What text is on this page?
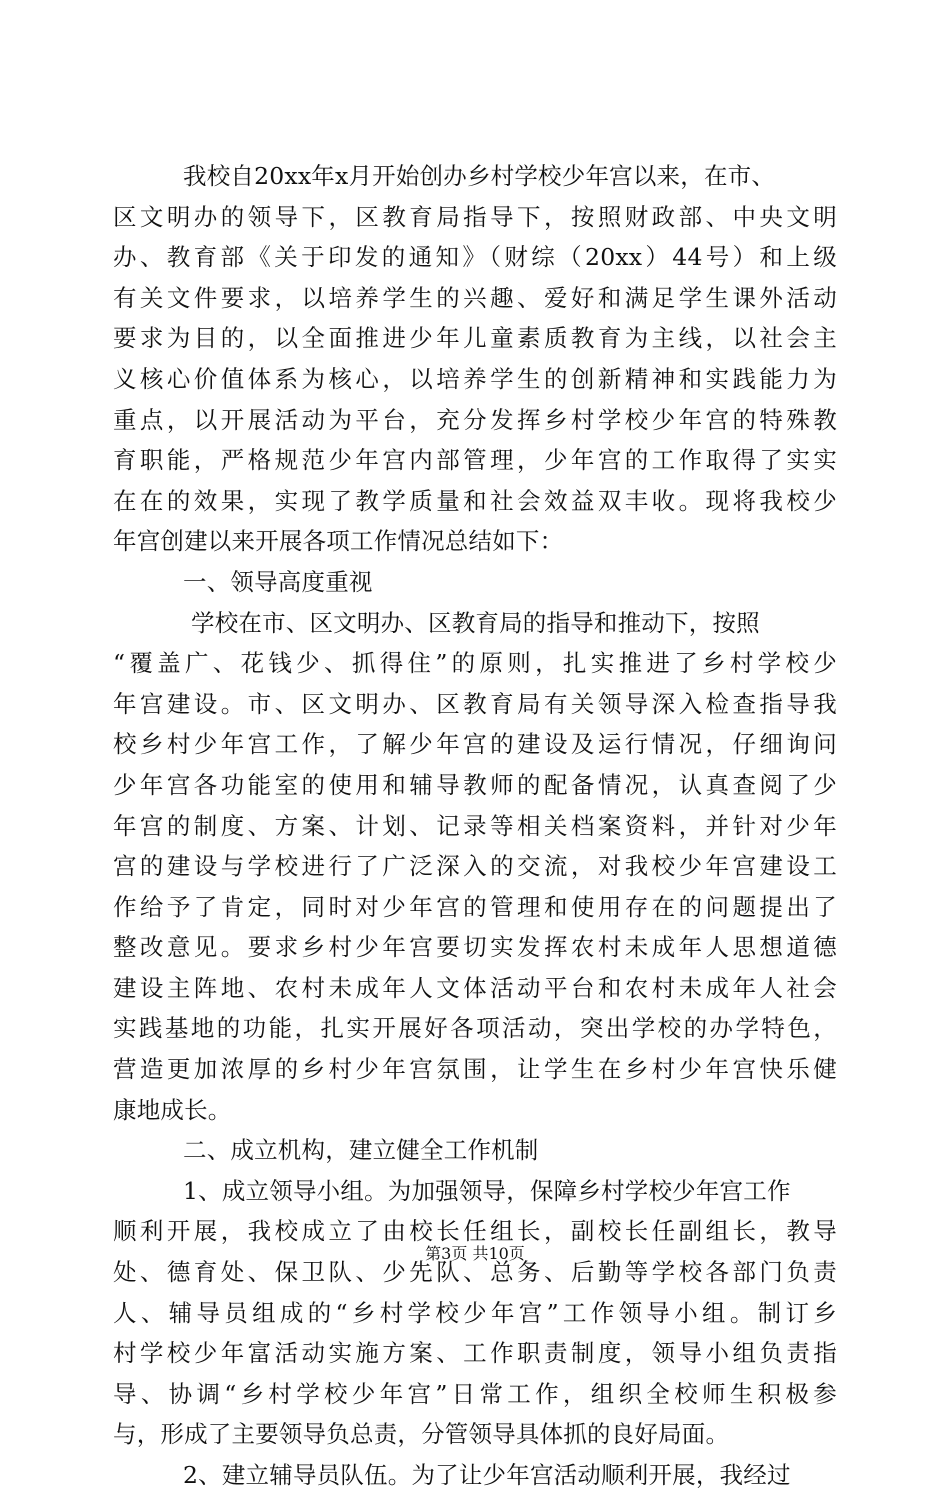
我校自20xx年x月开始创办乡村学校少年宫以来，在市、
区文明办的领导下，区教育局指导下，按照财政部、中央文明
办、教育部《关于印发的通知》（财综（20xx）44号）和上级
有关文件要求，以培养学生的兴趣、爱好和满足学生课外活动
要求为目的，以全面推进少年儿童素质教育为主线，以社会主
义核心价值体系为核心，以培养学生的创新精神和实践能力为
重点，以开展活动为平台，充分发挥乡村学校少年宫的特殊教
育职能，严格规范少年宫内部管理，少年宫的工作取得了实实
在在的效果，实现了教学质量和社会效益双丰收。现将我校少
年宫创建以来开展各项工作情况总结如下：
一、领导高度重视
学校在市、区文明办、区教育局的指导和推动下，按照
“覆盖广、花钱少、抓得住”的原则，扎实推进了乡村学校少
年宫建设。市、区文明办、区教育局有关领导深入检查指导我
校乡村少年宫工作，了解少年宫的建设及运行情况，仔细询问
少年宫各功能室的使用和辅导教师的配备情况，认真查阅了少
年宫的制度、方案、计划、记录等相关档案资料，并针对少年
宫的建设与学校进行了广泛深入的交流，对我校少年宫建设工
作给予了肯定，同时对少年宫的管理和使用存在的问题提出了
整改意见。要求乡村少年宫要切实发挥农村未成年人思想道德
建设主阵地、农村未成年人文体活动平台和农村未成年人社会
实践基地的功能，扎实开展好各项活动，突出学校的办学特色，
营造更加浓厚的乡村少年宫氛围，让学生在乡村少年宫快乐健
康地成长。
二、成立机构，建立健全工作机制
1、成立领导小组。为加强领导，保障乡村学校少年宫工作
顺利开展，我校成立了由校长任组长，副校长任副组长，教导
处、德育处、保卫队、少先队、总务、后勤等学校各部门负责
人、辅导员组成的“乡村学校少年宫”工作领导小组。制订乡
村学校少年富活动实施方案、工作职责制度，领导小组负责指
导、协调“乡村学校少年宫”日常工作，组织全校师生积极参
与，形成了主要领导负总责，分管领导具体抓的良好局面。
2、建立辅导员队伍。为了让少年宫活动顺利开展，我经过
第3页 共10页
